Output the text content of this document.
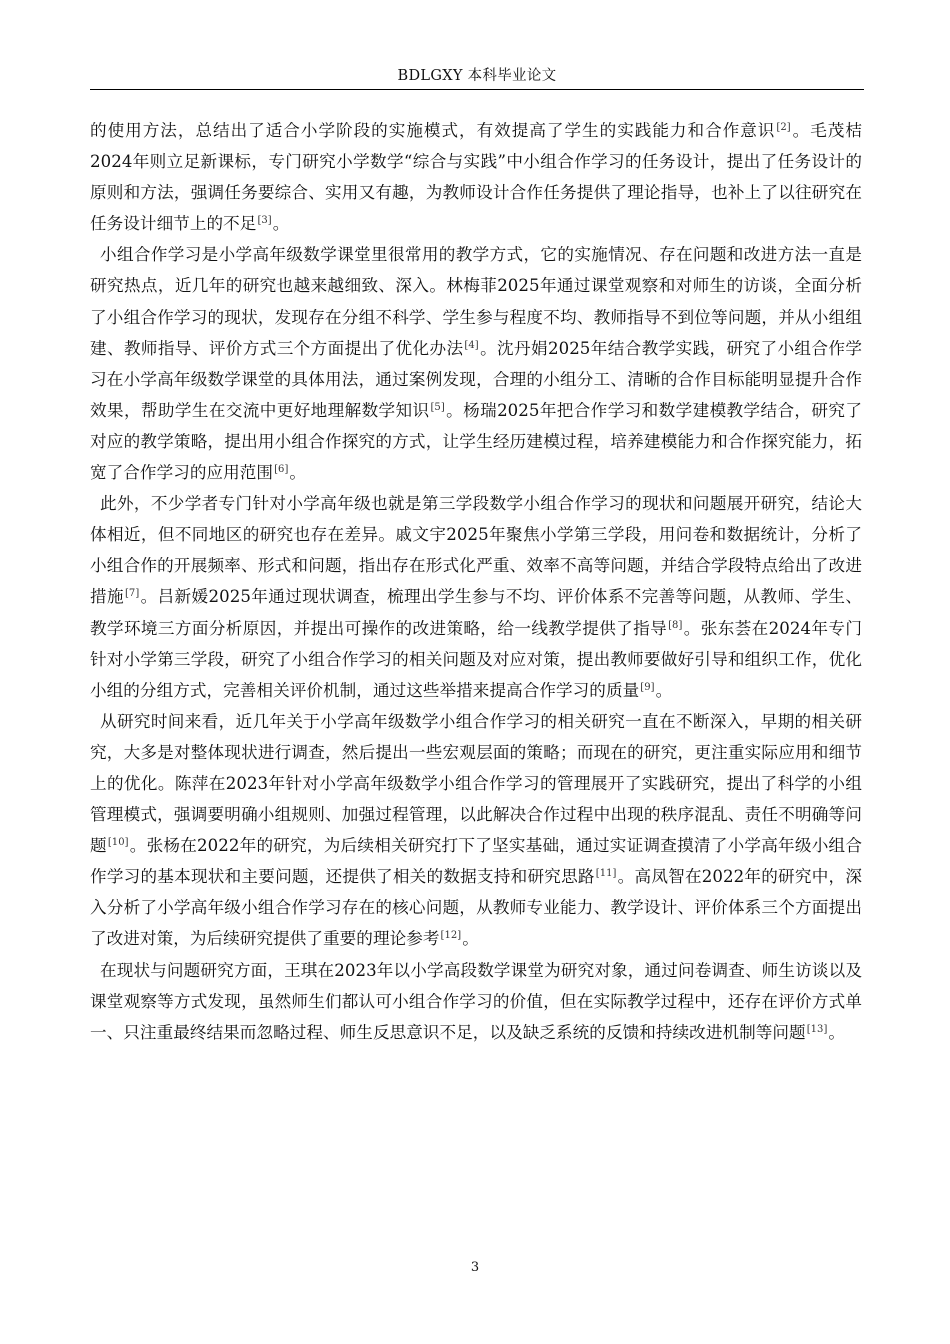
BDLGXY 本科毕业论文

的使用方法，总结出了适合小学阶段的实施模式，有效提高了学生的实践能力和合作意识[2]。毛茂桔2024年则立足新课标，专门研究小学数学“综合与实践”中小组合作学习的任务设计，提出了任务设计的原则和方法，强调任务要综合、实用又有趣，为教师设计合作任务提供了理论指导，也补上了以往研究在任务设计细节上的不足[3]。

小组合作学习是小学高年级数学课堂里很常用的教学方式，它的实施情况、存在问题和改进方法一直是研究热点，近几年的研究也越来越细致、深入。林梅菲2025年通过课堂观察和对师生的访谈，全面分析了小组合作学习的现状，发现存在分组不科学、学生参与程度不均、教师指导不到位等问题，并从小组组建、教师指导、评价方式三个方面提出了优化办法[4]。沈丹娟2025年结合教学实践，研究了小组合作学习在小学高年级数学课堂的具体用法，通过案例发现，合理的小组分工、清晰的合作目标能明显提升合作效果，帮助学生在交流中更好地理解数学知识[5]。杨瑞2025年把合作学习和数学建模教学结合，研究了对应的教学策略，提出用小组合作探究的方式，让学生经历建模过程，培养建模能力和合作探究能力，拓宽了合作学习的应用范围[6]。

此外，不少学者专门针对小学高年级也就是第三学段数学小组合作学习的现状和问题展开研究，结论大体相近，但不同地区的研究也存在差异。戚文宇2025年聚焦小学第三学段，用问卷和数据统计，分析了小组合作的开展频率、形式和问题，指出存在形式化严重、效率不高等问题，并结合学段特点给出了改进措施[7]。吕新媛2025年通过现状调查，梳理出学生参与不均、评价体系不完善等问题，从教师、学生、教学环境三方面分析原因，并提出可操作的改进策略，给一线教学提供了指导[8]。张东荟在2024年专门针对小学第三学段，研究了小组合作学习的相关问题及对应对策，提出教师要做好引导和组织工作，优化小组的分组方式，完善相关评价机制，通过这些举措来提高合作学习的质量[9]。

从研究时间来看，近几年关于小学高年级数学小组合作学习的相关研究一直在不断深入，早期的相关研究，大多是对整体现状进行调查，然后提出一些宏观层面的策略；而现在的研究，更注重实际应用和细节上的优化。陈萍在2023年针对小学高年级数学小组合作学习的管理展开了实践研究，提出了科学的小组管理模式，强调要明确小组规则、加强过程管理，以此解决合作过程中出现的秩序混乱、责任不明确等问题[10]。张杨在2022年的研究，为后续相关研究打下了坚实基础，通过实证调查摸清了小学高年级小组合作学习的基本现状和主要问题，还提供了相关的数据支持和研究思路[11]。高凤智在2022年的研究中，深入分析了小学高年级小组合作学习存在的核心问题，从教师专业能力、教学设计、评价体系三个方面提出了改进对策，为后续研究提供了重要的理论参考[12]。

在现状与问题研究方面，王琪在2023年以小学高段数学课堂为研究对象，通过问卷调查、师生访谈以及课堂观察等方式发现，虽然师生们都认可小组合作学习的价值，但在实际教学过程中，还存在评价方式单一、只注重最终结果而忽略过程、师生反思意识不足，以及缺乏系统的反馈和持续改进机制等问题[13]。

3
